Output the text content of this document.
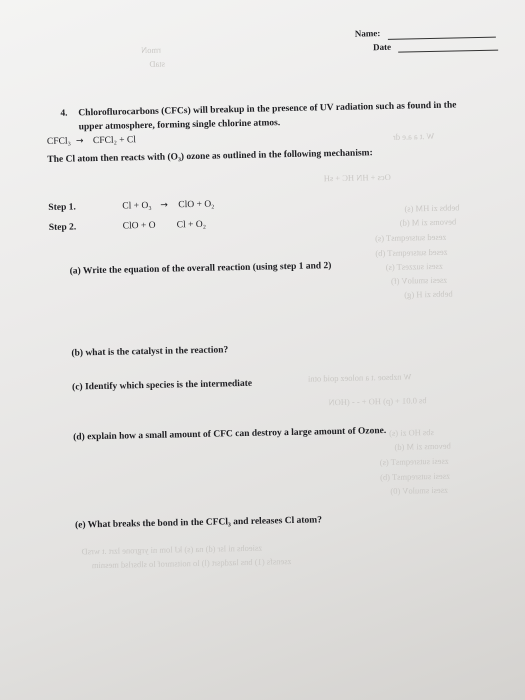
rmoN
staD
W .t a a.e dr
Ocs + HN HC + sH
bebbs zi HM (s)
bevoms zi M (d)
zesed sutsreqmsT (s)
zesed sutsreqmsT (b)
zsesi suzzesT (s)
zsesi smuloV (f)
bebbs zi H (g)
W nzbsoe .t a noloez qoid otni
bs 0.01 + (p) HO + - - (HON
sbs HO zi (s)
bevoms zi M (d)
zsesi sutsreqmsT (s)
zsesi sutsreqmsT (b)
zsesi smuloV (0)
zsieohs ni lsr (d) na (s) kJ lom ni yrgrone lzrt .t wrsD
zsensfs (1) bns lazdqsrt (l) lo noitsmrof lo slbsrlsd mesnim
Name:
Date
4. Chloroflurocarbons (CFCs) will breakup in the presence of UV radiation such as found in the
upper atmosphere, forming single chlorine atmos.
CFCl₃ → CFCl₂ + Cl
The Cl atom then reacts with (O₃) ozone as outlined in the following mechanism:
Step 1.	Cl + O₃ → ClO + O₂
Step 2.	ClO + O Cl + O₂
(a) Write the equation of the overall reaction (using step 1 and 2)
(b) what is the catalyst in the reaction?
(c) Identify which species is the intermediate
(d) explain how a small amount of CFC can destroy a large amount of Ozone.
(e) What breaks the bond in the CFCl₃ and releases Cl atom?
